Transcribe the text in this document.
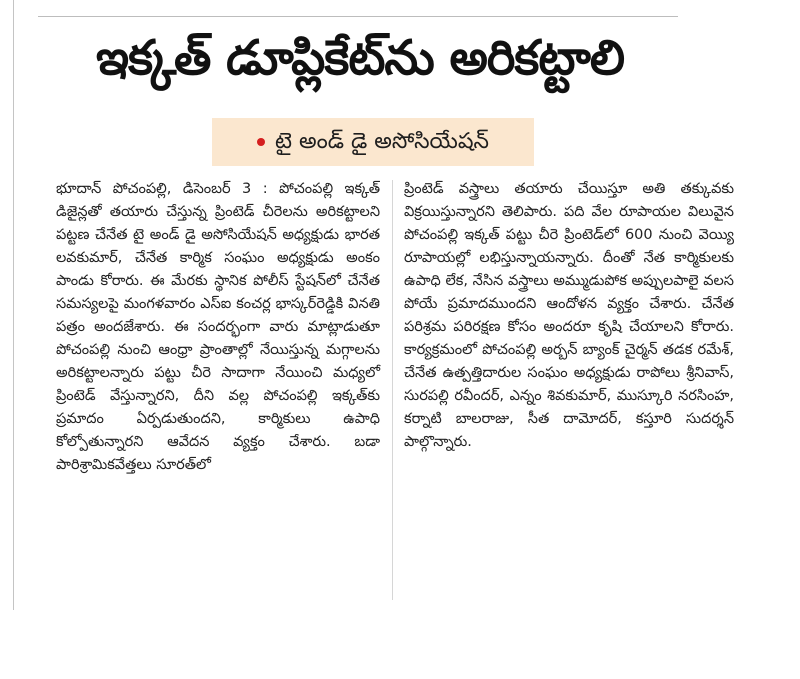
ఇక్కత్ డూప్లికేట్‌ను అరికట్టాలి
టై అండ్ డై అసోసియేషన్
భూదాన్ పోచంపల్లి, డిసెంబర్ 3 : పోచంపల్లి ఇక్కత్ డిజైన్లతో తయారు చేస్తున్న ప్రింటెడ్ చీరెలను అరికట్టాలని పట్టణ చేనేత టై అండ్ డై అసోసియేషన్ అధ్యక్షుడు భారత లవకుమార్, చేనేత కార్మిక సంఘం అధ్యక్షుడు అంకం పాండు కోరారు. ఈ మేరకు స్థానిక పోలీస్ స్టేషన్‌లో చేనేత సమస్యలపై మంగళవారం ఎస్ఐ కంచర్ల భాస్కర్‌రెడ్డికి వినతి పత్రం అందజేశారు. ఈ సందర్భంగా వారు మాట్లాడుతూ పోచంపల్లి నుంచి ఆంధ్రా ప్రాంతాల్లో నేయిస్తున్న మగ్గాలను అరికట్టాలన్నారు పట్టు చీరె సాదాగా నేయించి మధ్యలో ప్రింటెడ్ వేస్తున్నారని, దీని వల్ల పోచంపల్లి ఇక్కత్‌కు ప్రమాదం ఏర్పడుతుందని, కార్మికులు ఉపాధి కోల్పోతున్నారని ఆవేదన వ్యక్తం చేశారు. బడా పారిశ్రామికవేత్తలు సూరత్‌లో
ప్రింటెడ్ వస్త్రాలు తయారు చేయిస్తూ అతి తక్కువకు విక్రయిస్తున్నారని తెలిపారు. పది వేల రూపాయల విలువైన పోచంపల్లి ఇక్కత్ పట్టు చీరె ప్రింటెడ్‌లో 600 నుంచి వెయ్యి రూపాయల్లో లభిస్తున్నాయన్నారు. దీంతో నేత కార్మికులకు ఉపాధి లేక, నేసిన వస్త్రాలు అమ్ముడుపోక అప్పులపాలై వలస పోయే ప్రమాదముందని ఆందోళన వ్యక్తం చేశారు. చేనేత పరిశ్రమ పరిరక్షణ కోసం అందరూ కృషి చేయాలని కోరారు. కార్యక్రమంలో పోచంపల్లి అర్బన్ బ్యాంక్ చైర్మన్ తడక రమేశ్, చేనేత ఉత్పత్తిదారుల సంఘం అధ్యక్షుడు రాపోలు శ్రీనివాస్, సురపల్లి రవీందర్, ఎన్నం శివకుమార్, ముస్కూరి నరసింహ, కర్నాటి బాలరాజు, సీత దామోదర్, కస్తూరి సుదర్శన్ పాల్గొన్నారు.
